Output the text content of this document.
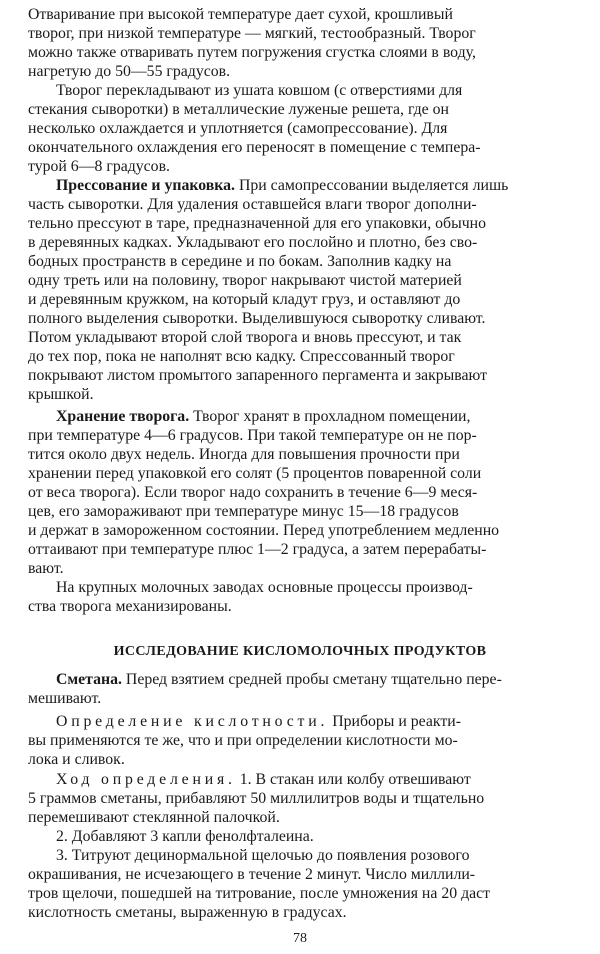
Отваривание при высокой температуре дает сухой, крошливый
творог, при низкой температуре — мягкий, тестообразный. Творог
можно также отваривать путем погружения сгустка слоями в воду,
нагретую до 50—55 градусов.
Творог перекладывают из ушата ковшом (с отверстиями для
стекания сыворотки) в металлические луженые решета, где он
несколько охлаждается и уплотняется (самопрессование). Для
окончательного охлаждения его переносят в помещение с темпера-
турой 6—8 градусов.
Прессование и упаковка. При самопрессовании выделяется лишь
часть сыворотки. Для удаления оставшейся влаги творог дополни-
тельно прессуют в таре, предназначенной для его упаковки, обычно
в деревянных кадках. Укладывают его послойно и плотно, без сво-
бодных пространств в середине и по бокам. Заполнив кадку на
одну треть или на половину, творог накрывают чистой материей
и деревянным кружком, на который кладут груз, и оставляют до
полного выделения сыворотки. Выделившуюся сыворотку сливают.
Потом укладывают второй слой творога и вновь прессуют, и так
до тех пор, пока не наполнят всю кадку. Спрессованный творог
покрывают листом промытого запаренного пергамента и закрывают
крышкой.
Хранение творога. Творог хранят в прохладном помещении,
при температуре 4—6 градусов. При такой температуре он не пор-
тится около двух недель. Иногда для повышения прочности при
хранении перед упаковкой его солят (5 процентов поваренной соли
от веса творога). Если творог надо сохранить в течение 6—9 меся-
цев, его замораживают при температуре минус 15—18 градусов
и держат в замороженном состоянии. Перед употреблением медленно
оттаивают при температуре плюс 1—2 градуса, а затем перерабаты-
вают.
На крупных молочных заводах основные процессы производ-
ства творога механизированы.
ИССЛЕДОВАНИЕ КИСЛОМОЛОЧНЫХ ПРОДУКТОВ
Сметана. Перед взятием средней пробы сметану тщательно пере-
мешивают.
Определение кислотности. Приборы и реакти-
вы применяются те же, что и при определении кислотности мо-
лока и сливок.
Ход определения. 1. В стакан или колбу отвешивают
5 граммов сметаны, прибавляют 50 миллилитров воды и тщательно
перемешивают стеклянной палочкой.
2. Добавляют 3 капли фенолфталеина.
3. Титруют децинормальной щелочью до появления розового
окрашивания, не исчезающего в течение 2 минут. Число миллили-
тров щелочи, пошедшей на титрование, после умножения на 20 даст
кислотность сметаны, выраженную в градусах.
78
